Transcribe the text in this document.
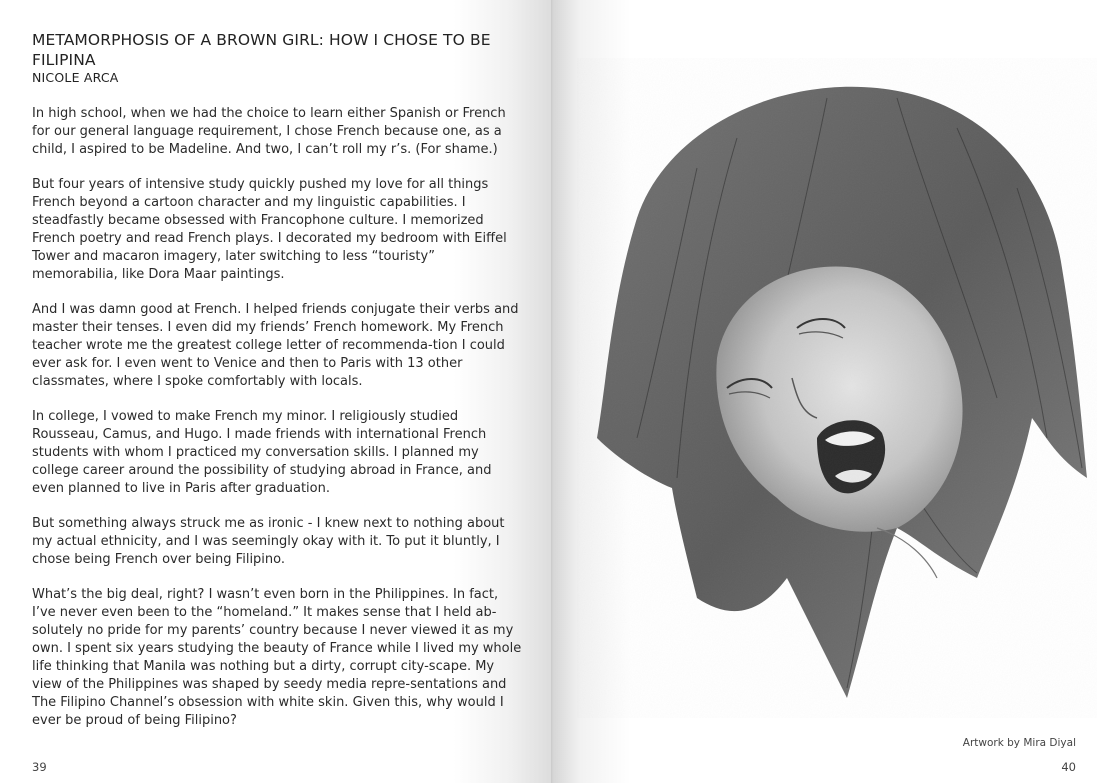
METAMORPHOSIS OF A BROWN GIRL: HOW I CHOSE TO BE FILIPINA
NICOLE ARCA

In high school, when we had the choice to learn either Spanish or French for our general language requirement, I chose French because one, as a child, I aspired to be Madeline. And two, I can’t roll my r’s. (For shame.)

But four years of intensive study quickly pushed my love for all things French beyond a cartoon character and my linguistic capabilities. I steadfastly became obsessed with Francophone culture. I memorized French poetry and read French plays. I decorated my bedroom with Eiffel Tower and macaron imagery, later switching to less “touristy” memorabilia, like Dora Maar paintings.

And I was damn good at French. I helped friends conjugate their verbs and master their tenses. I even did my friends’ French homework. My French teacher wrote me the greatest college letter of recommenda-tion I could ever ask for. I even went to Venice and then to Paris with 13 other classmates, where I spoke comfortably with locals.

In college, I vowed to make French my minor. I religiously studied Rousseau, Camus, and Hugo. I made friends with international French students with whom I practiced my conversation skills. I planned my college career around the possibility of studying abroad in France, and even planned to live in Paris after graduation.

But something always struck me as ironic - I knew next to nothing about my actual ethnicity, and I was seemingly okay with it. To put it bluntly, I chose being French over being Filipino.

What’s the big deal, right? I wasn’t even born in the Philippines. In fact, I’ve never even been to the “homeland.” It makes sense that I held ab-solutely no pride for my parents’ country because I never viewed it as my own. I spent six years studying the beauty of France while I lived my whole life thinking that Manila was nothing but a dirty, corrupt city-scape. My view of the Philippines was shaped by seedy media repre-sentations and The Filipino Channel’s obsession with white skin. Given this, why would I ever be proud of being Filipino?

39
Artwork by Mira Diyal
40
